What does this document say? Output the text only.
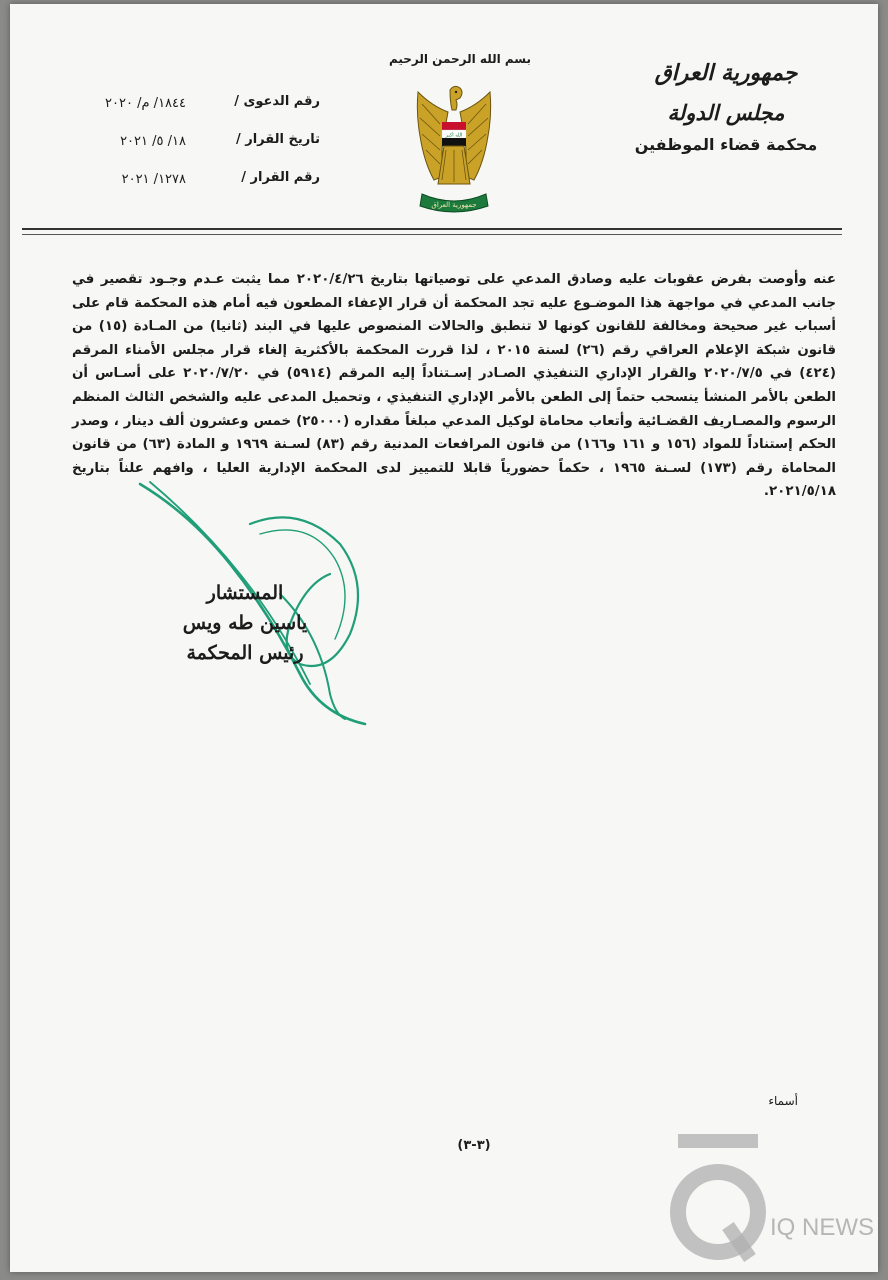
بسم الله الرحمن الرحيم
الله أكبر
جمهورية العراق
جمهورية العراق
مجلس الدولة
محكمة قضاء الموظفين
رقم الدعوى /
تاريخ القرار /
رقم القرار /
١٨٤٤/ م/ ٢٠٢٠
١٨/ ٥/ ٢٠٢١
١٢٧٨/ ٢٠٢١
عنه وأوصت بفرض عقوبات عليه وصادق المدعي على توصياتها بتاريخ ٢٠٢٠/٤/٢٦ مما يثبت عـدم وجـود تقصير في جانب المدعي في مواجهة هذا الموضـوع عليه تجد المحكمة أن قرار الإعفاء المطعون فيه أمام هذه المحكمة قام على أسباب غير صحيحة ومخالفة للقانون كونها لا تنطبق والحالات المنصوص عليها في البند (ثانيا) من المـادة (١٥) من قانون شبكة الإعلام العراقي رقم (٢٦) لسنة ٢٠١٥ ، لذا قررت المحكمة بالأكثرية إلغاء قرار مجلس الأمناء المرقم (٤٢٤) في ٢٠٢٠/٧/٥ والقرار الإداري التنفيذي الصـادر إسـتناداً إليه المرقم (٥٩١٤) في ٢٠٢٠/٧/٢٠ على أسـاس أن الطعن بالأمر المنشأ ينسحب حتماً إلى الطعن بالأمر الإداري التنفيذي ، وتحميل المدعى عليه والشخص الثالث المنظم الرسوم والمصـاريف القضـائية وأتعاب محاماة لوكيل المدعي مبلغاً مقداره (٢٥٠٠٠) خمس وعشرون ألف دينار ، وصدر الحكم إستناداً للمواد (١٥٦ و ١٦١ و١٦٦) من قانون المرافعات المدنية رقم (٨٣) لسـنة ١٩٦٩ و المادة (٦٣) من قانون المحاماة رقم (١٧٣) لسـنة ١٩٦٥ ، حكماً حضورياً قابلا للتمييز لدى المحكمة الإدارية العليا ، وافهم علناً بتاريخ ٢٠٢١/٥/١٨.
المستشار
ياسين طه ويس
رئيس المحكمة
أسماء
(٣-٣)
IQ NEWS
